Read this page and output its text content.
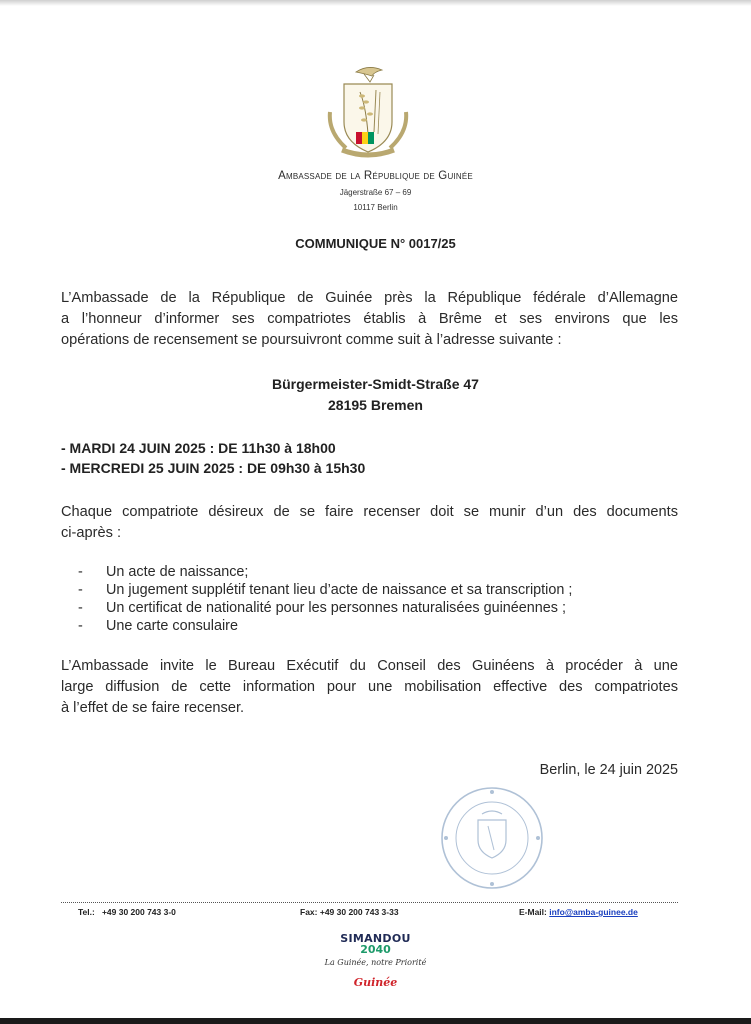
Ambassade de la République de Guinée
Jägerstraße 67 – 69
10117 Berlin
COMMUNIQUE N° 0017/25
L’Ambassade de la République de Guinée près la République fédérale d’Allemagne
a l’honneur d’informer ses compatriotes établis à Brême et ses environs que les
opérations de recensement se poursuivront comme suit à l’adresse suivante :
Bürgermeister-Smidt-Straße 47
28195 Bremen
- MARDI 24 JUIN 2025 : DE 11h30 à 18h00
- MERCREDI 25 JUIN 2025 : DE 09h30 à 15h30
Chaque compatriote désireux de se faire recenser doit se munir d’un des documents
ci-après :
- Un acte de naissance;
- Un jugement supplétif tenant lieu d’acte de naissance et sa transcription ;
- Un certificat de nationalité pour les personnes naturalisées guinéennes ;
- Une carte consulaire
L’Ambassade invite le Bureau Exécutif du Conseil des Guinéens à procéder à une
large diffusion de cette information pour une mobilisation effective des compatriotes
à l’effet de se faire recenser.
Berlin, le 24 juin 2025
Tel.: +49 30 200 743 3-0	Fax: +49 30 200 743 3-33	E-Mail: info@amba-guinee.de
SIMANDOU
2040
La Guinée, notre Priorité
Guinée
